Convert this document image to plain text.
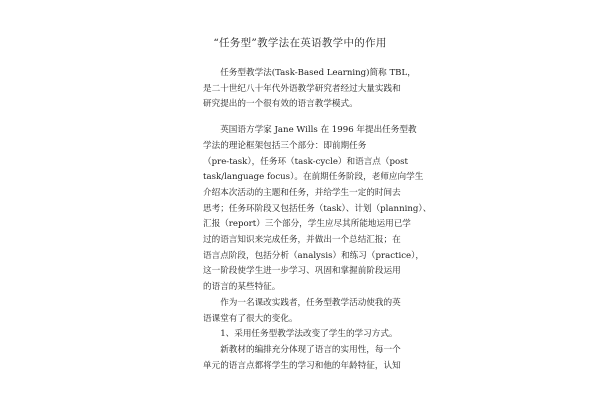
“任务型”教学法在英语教学中的作用
任务型教学法(Task-Based Learning)简称 TBL，
是二十世纪八十年代外语教学研究者经过大量实践和
研究提出的一个很有效的语言教学模式。
英国语方学家 Jane Wills 在 1996 年提出任务型教
学法的理论框架包括三个部分：即前期任务
（pre-task），任务环（task-cycle）和语言点（post
task/language focus）。在前期任务阶段，老师应向学生
介绍本次活动的主题和任务，并给学生一定的时间去
思考；任务环阶段又包括任务（task）、计划（planning）、
汇报（report）三个部分，学生应尽其所能地运用已学
过的语言知识来完成任务，并做出一个总结汇报；在
语言点阶段，包括分析（analysis）和练习（practice），
这一阶段使学生进一步学习、巩固和掌握前阶段运用
的语言的某些特征。
作为一名课改实践者，任务型教学活动使我的英
语课堂有了很大的变化。
1、采用任务型教学法改变了学生的学习方式。
新教材的编排充分体现了语言的实用性，每一个
单元的语言点都将学生的学习和他的年龄特征，认知
